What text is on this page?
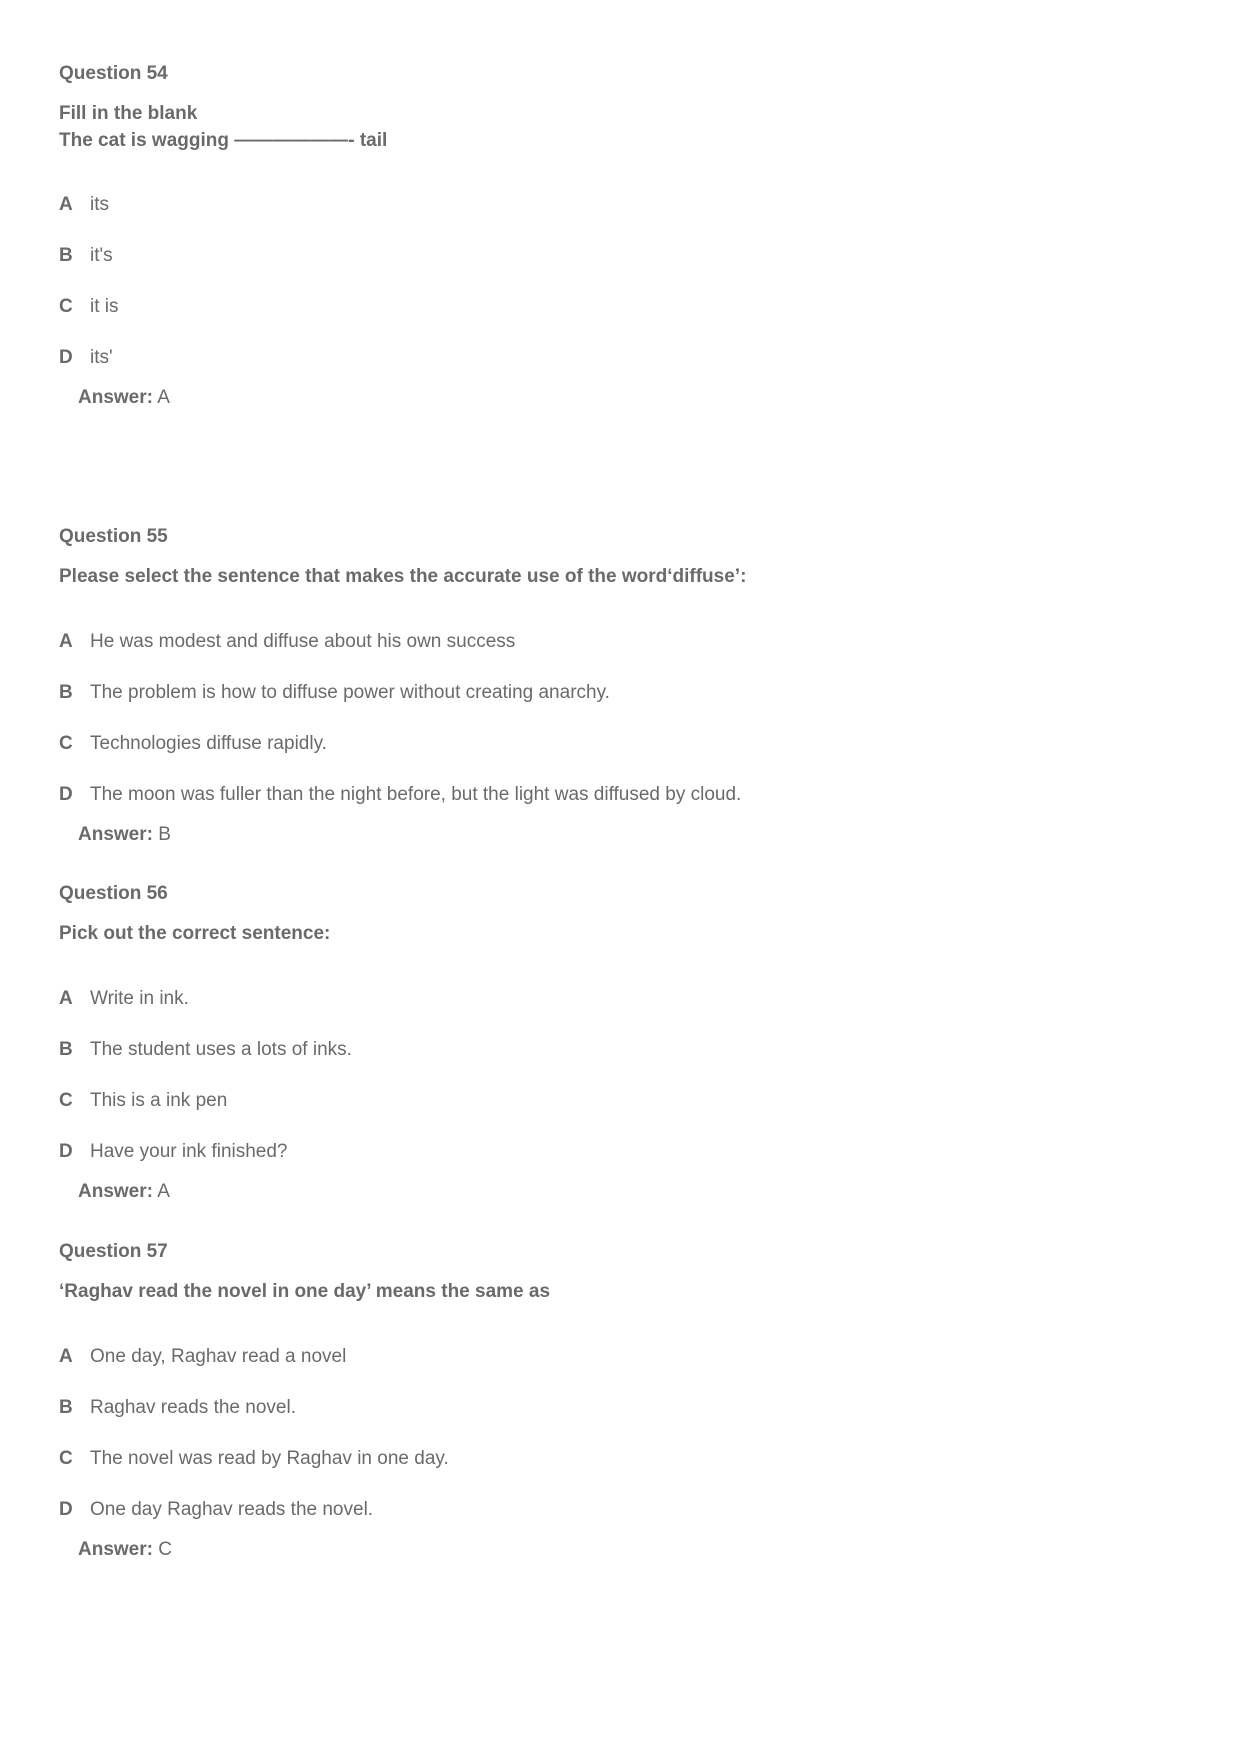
Question 54
Fill in the blank
The cat is wagging ——————- tail
A its
B it's
C it is
D its'
Answer: A
Question 55
Please select the sentence that makes the accurate use of the word‘diffuse’:
A He was modest and diffuse about his own success
B The problem is how to diffuse power without creating anarchy.
C Technologies diffuse rapidly.
D The moon was fuller than the night before, but the light was diffused by cloud.
Answer: B
Question 56
Pick out the correct sentence:
A Write in ink.
B The student uses a lots of inks.
C This is a ink pen
D Have your ink finished?
Answer: A
Question 57
‘Raghav read the novel in one day’ means the same as
A One day, Raghav read a novel
B Raghav reads the novel.
C The novel was read by Raghav in one day.
D One day Raghav reads the novel.
Answer: C
